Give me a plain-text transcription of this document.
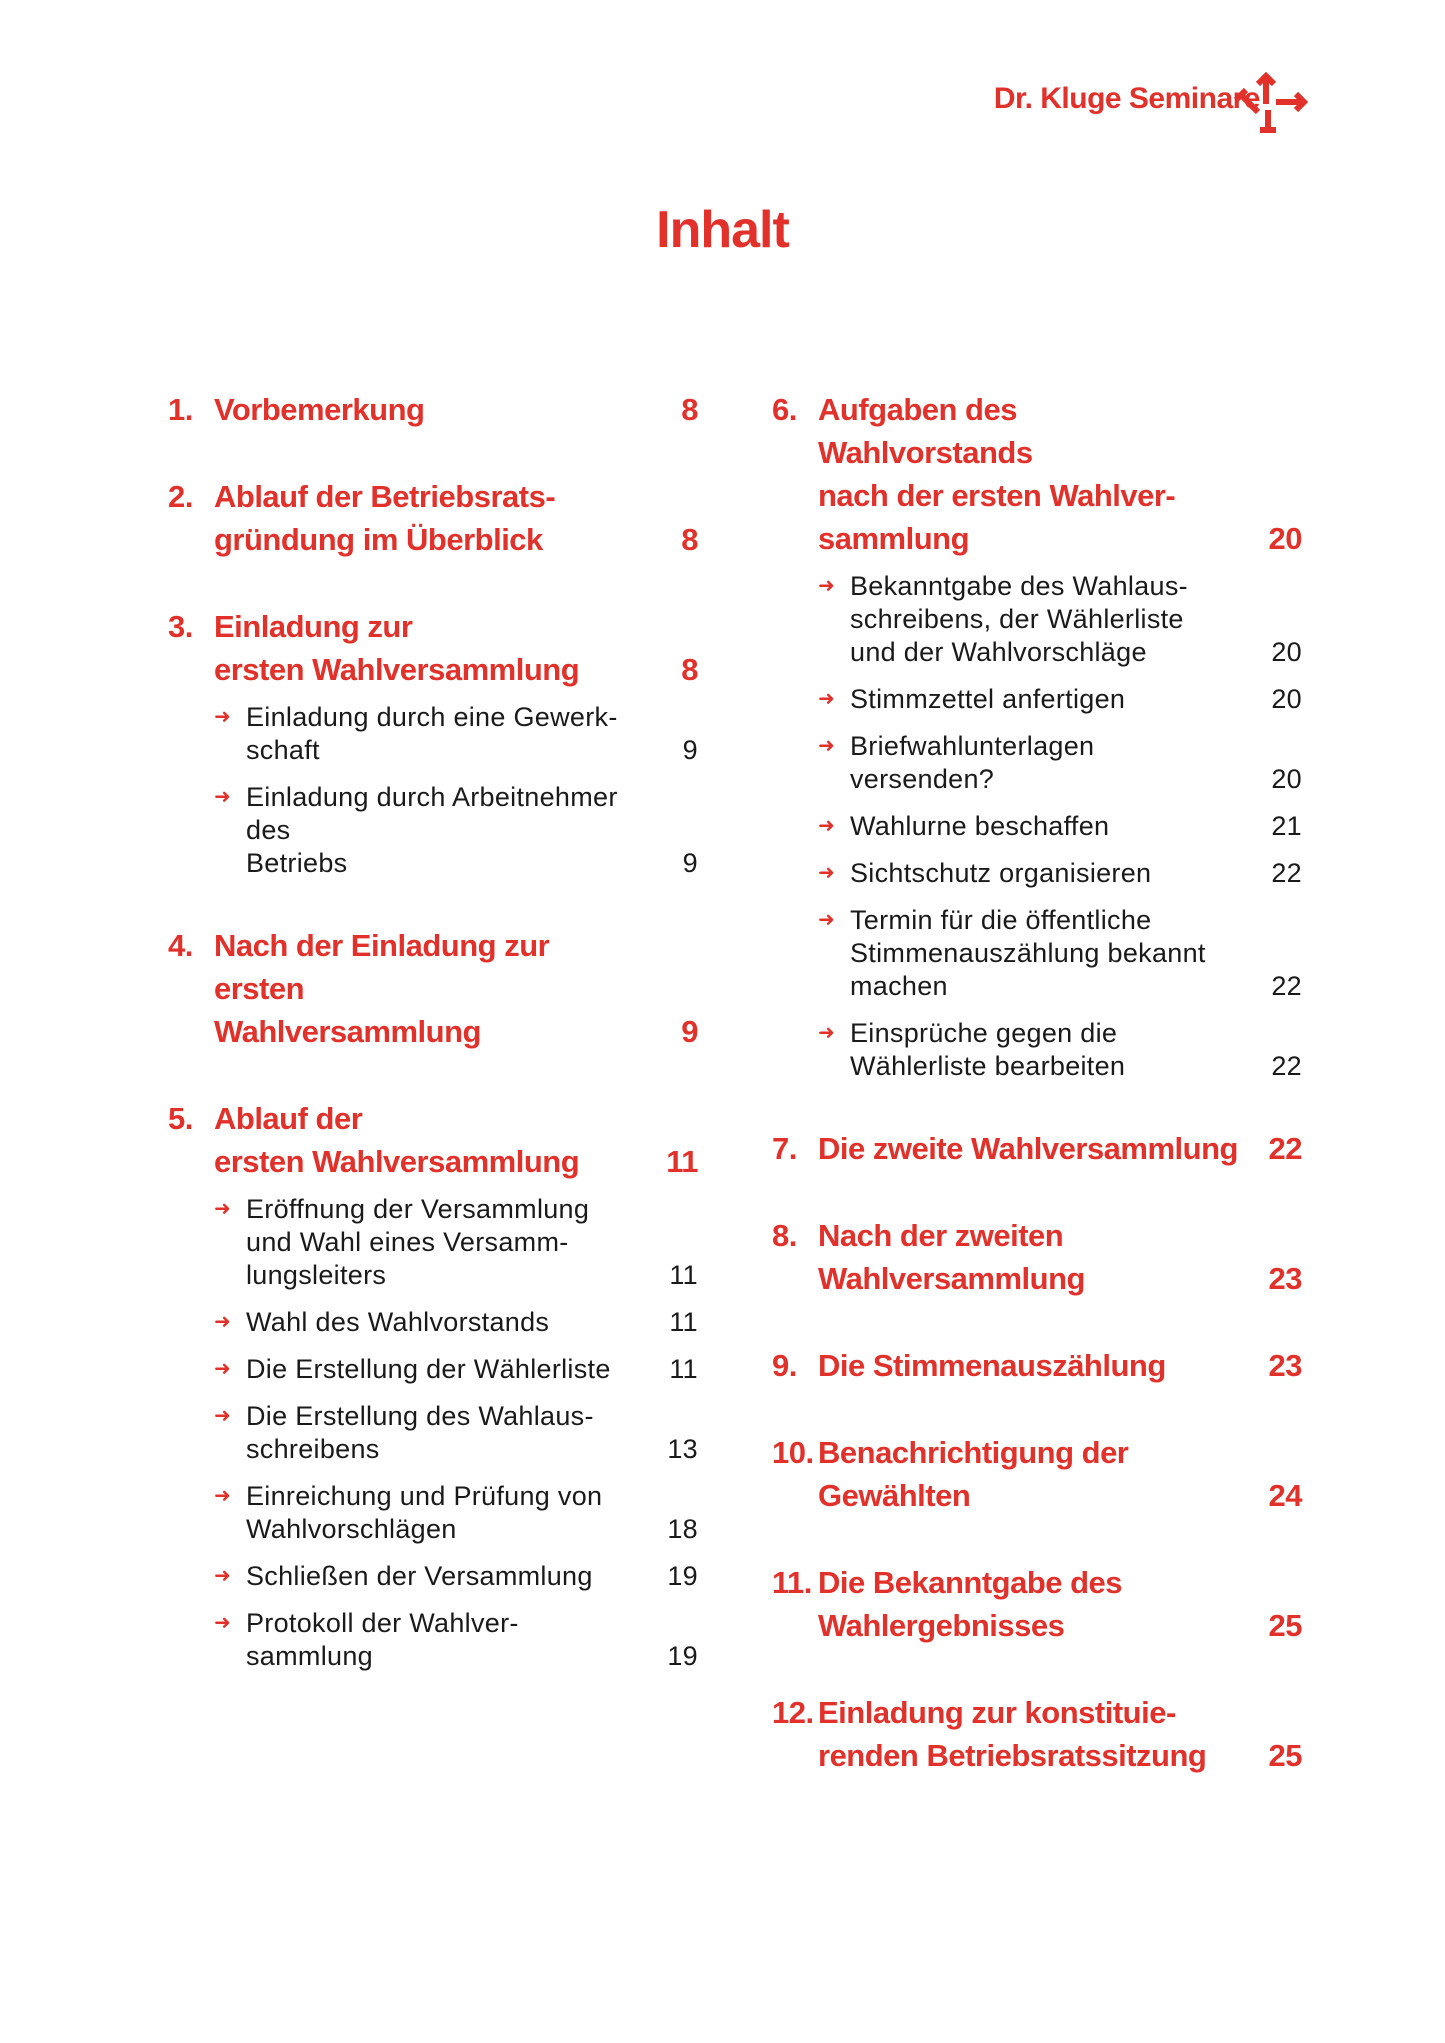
Dr. Kluge Seminare
Inhalt
1. Vorbemerkung	8
2. Ablauf der Betriebsrats-
gründung im Überblick	8
3. Einladung zur
ersten Wahlversammlung	8
➜ Einladung durch eine Gewerk-
schaft	9
➜ Einladung durch Arbeitnehmer des
Betriebs	9
4. Nach der Einladung zur ersten
Wahlversammlung	9
5. Ablauf der
ersten Wahlversammlung	11
➜ Eröffnung der Versammlung
und Wahl eines Versamm-
lungsleiters	11
➜ Wahl des Wahlvorstands	11
➜ Die Erstellung der Wählerliste	11
➜ Die Erstellung des Wahlaus-
schreibens	13
➜ Einreichung und Prüfung von
Wahlvorschlägen	18
➜ Schließen der Versammlung	19
➜ Protokoll der Wahlver-
sammlung	19
6. Aufgaben des Wahlvorstands
nach der ersten Wahlver-
sammlung	20
➜ Bekanntgabe des Wahlaus-
schreibens, der Wählerliste
und der Wahlvorschläge	20
➜ Stimmzettel anfertigen	20
➜ Briefwahlunterlagen
versenden?	20
➜ Wahlurne beschaffen	21
➜ Sichtschutz organisieren	22
➜ Termin für die öffentliche
Stimmenauszählung bekannt
machen	22
➜ Einsprüche gegen die
Wählerliste bearbeiten	22
7. Die zweite Wahlversammlung 22
8. Nach der zweiten
Wahlversammlung	23
9. Die Stimmenauszählung	23
10. Benachrichtigung der
Gewählten	24
11. Die Bekanntgabe des
Wahlergebnisses	25
12. Einladung zur konstituie-
renden Betriebsratssitzung	25
